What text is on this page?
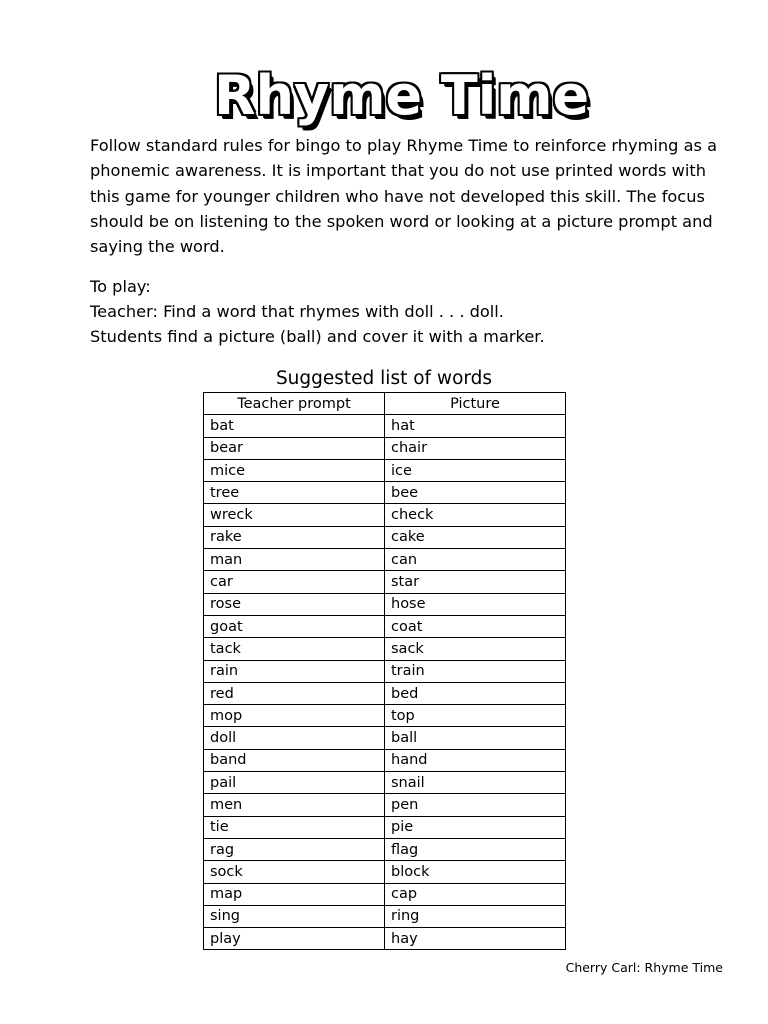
Rhyme Time

Follow standard rules for bingo to play Rhyme Time to reinforce rhyming as a phonemic awareness. It is important that you do not use printed words with this game for younger children who have not developed this skill. The focus should be on listening to the spoken word or looking at a picture prompt and saying the word.

To play:
Teacher: Find a word that rhymes with doll . . . doll.
Students find a picture (ball) and cover it with a marker.
Suggested list of words
Teacher prompt	Picture
bat	hat
bear	chair
mice	ice
tree	bee
wreck	check
rake	cake
man	can
car	star
rose	hose
goat	coat
tack	sack
rain	train
red	bed
mop	top
doll	ball
band	hand
pail	snail
men	pen
tie	pie
rag	flag
sock	block
map	cap
sing	ring
play	hay
Cherry Carl: Rhyme Time
